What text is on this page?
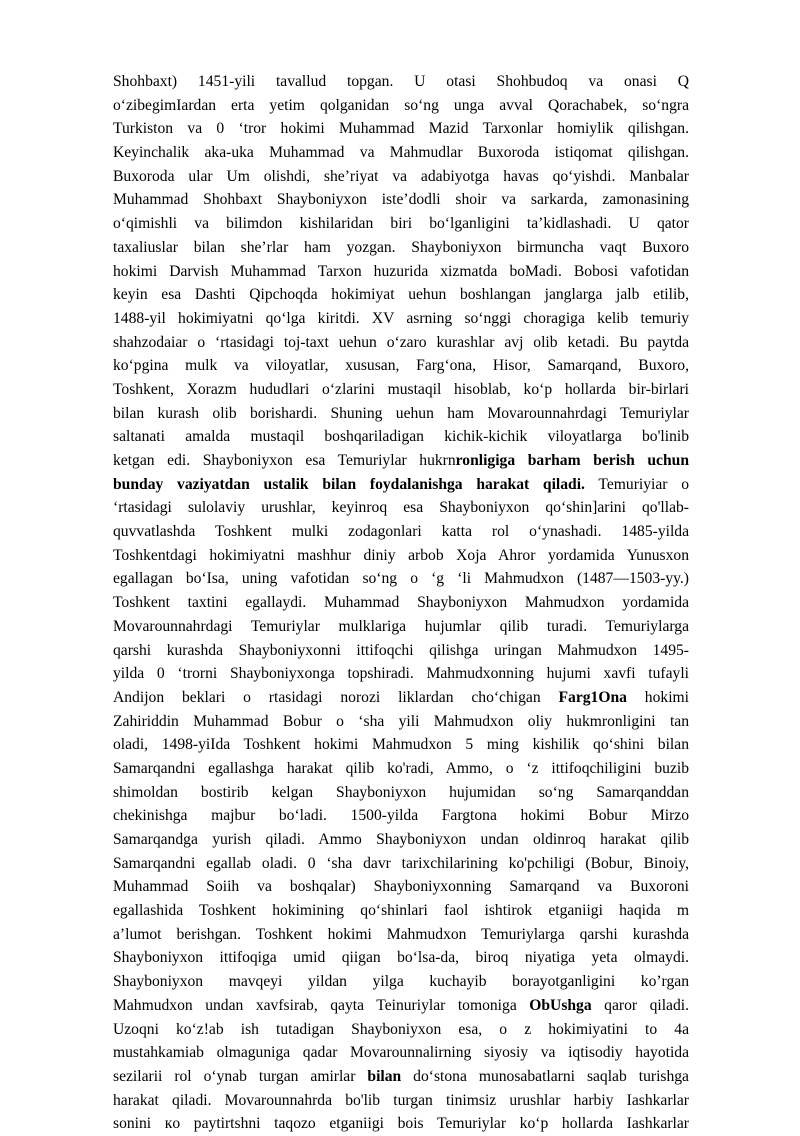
Shohbaxt) 1451-yili tavallud topgan. U otasi Shohbudoq va onasi Q
o‘zibegimIardan erta yetim qolganidan so‘ng unga avval Qorachabek, so‘ngra
Turkiston va 0 ‘tror hokimi Muhammad Mazid Tarxonlar homiylik qilishgan.
Keyinchalik aka-uka Muhammad va Mahmudlar Buxoroda istiqomat qilishgan.
Buxoroda ular Um olishdi, she’riyat va adabiyotga havas qo‘yishdi. Manbalar
Muhammad Shohbaxt Shayboniyxon iste’dodli shoir va sarkarda, zamonasining
o‘qimishli va bilimdon kishilaridan biri bo‘lganligini ta’kidlashadi. U qator
taxaliuslar bilan she’rlar ham yozgan. Shayboniyxon birmuncha vaqt Buxoro
hokimi Darvish Muhammad Tarxon huzurida xizmatda boMadi. Bobosi vafotidan
keyin esa Dashti Qipchoqda hokimiyat uehun boshlangan janglarga jalb etilib,
1488-yil hokimiyatni qo‘lga kiritdi. XV asrning so‘nggi choragiga kelib temuriy
shahzodaiar o ‘rtasidagi toj-taxt uehun o‘zaro kurashlar avj olib ketadi. Bu paytda
ko‘pgina mulk va viloyatlar, xususan, Farg‘ona, Hisor, Samarqand, Buxoro,
Toshkent, Xorazm hududlari o‘zlarini mustaqil hisoblab, ko‘p hollarda bir-birlari
bilan kurash olib borishardi. Shuning uehun ham Movarounnahrdagi Temuriylar
saltanati amalda mustaqil boshqariladigan kichik-kichik viloyatlarga bo'linib
ketgan edi. Shayboniyxon esa Temuriylar hukrnronligiga barham berish uchun
bunday vaziyatdan ustalik bilan foydalanishga harakat qiladi. Temuriyiar o
‘rtasidagi sulolaviy urushlar, keyinroq esa Shayboniyxon qo‘shin]arini qo'llab-
quvvatlashda Toshkent mulki zodagonlari katta rol o‘ynashadi. 1485-yilda
Toshkentdagi hokimiyatni mashhur diniy arbob Xoja Ahror yordamida Yunusxon
egallagan bo‘Isa, uning vafotidan so‘ng o ‘g ‘li Mahmudxon (1487—1503-yy.)
Toshkent taxtini egallaydi. Muhammad Shayboniyxon Mahmudxon yordamida
Movarounnahrdagi Temuriylar mulklariga hujumlar qilib turadi. Temuriylarga
qarshi kurashda Shayboniyxonni ittifoqchi qilishga uringan Mahmudxon 1495-
yilda 0 ‘trorni Shayboniyxonga topshiradi. Mahmudxonning hujumi xavfi tufayli
Andijon beklari o rtasidagi norozi liklardan cho‘chigan Farg1Ona hokimi
Zahiriddin Muhammad Bobur o ‘sha yili Mahmudxon oliy hukmronligini tan
oladi, 1498-yiIda Toshkent hokimi Mahmudxon 5 ming kishilik qo‘shini bilan
Samarqandni egallashga harakat qilib ko'radi, Ammo, o ‘z ittifoqchiligini buzib
shimoldan bostirib kelgan Shayboniyxon hujumidan so‘ng Samarqanddan
chekinishga majbur bo‘ladi. 1500-yilda Fargtona hokimi Bobur Mirzo
Samarqandga yurish qiladi. Ammo Shayboniyxon undan oldinroq harakat qilib
Samarqandni egallab oladi. 0 ‘sha davr tarixchilarining ko'pchiligi (Bobur, Binoiy,
Muhammad Soiih va boshqalar) Shayboniyxonning Samarqand va Buxoroni
egallashida Toshkent hokimining qo‘shinlari faol ishtirok etganiigi haqida m
a’lumot berishgan. Toshkent hokimi Mahmudxon Temuriylarga qarshi kurashda
Shayboniyxon ittifoqiga umid qiigan bo‘lsa-da, biroq niyatiga yeta olmaydi.
Shayboniyxon mavqeyi yildan yilga kuchayib borayotganligini ko’rgan
Mahmudxon undan xavfsirab, qayta Teinuriylar tomoniga ObUshga qaror qiladi.
Uzoqni ko‘z!ab ish tutadigan Shayboniyxon esa, o z hokimiyatini to 4a
mustahkamiab olmaguniga qadar Movarounnalirning siyosiy va iqtisodiy hayotida
sezilarii rol o‘ynab turgan amirlar bilan do‘stona munosabatlarni saqlab turishga
harakat qiladi. Movarounnahrda bo'lib turgan tinimsiz urushlar harbiy Iashkarlar
sonini кo paytirtshni taqozo etganiigi bois Temuriylar ko‘p hollarda Iashkarlar
